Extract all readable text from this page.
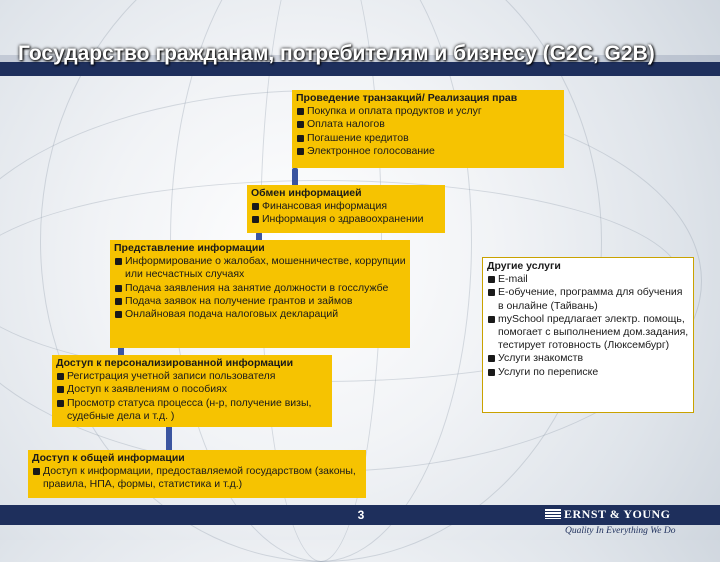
Государство гражданам, потребителям и бизнесу (G2C, G2B)
Проведение транзакций/ Реализация прав
Покупка и оплата продуктов и услуг
Оплата налогов
Погашение кредитов
Электронное голосование
Обмен информацией
Финансовая информация
Информация о здравоохранении
Представление информации
Информирование о жалобах, мошенничестве, коррупции или несчастных случаях
Подача заявления на занятие должности в госслужбе
Подача заявок на получение грантов и займов
Онлайновая подача налоговых деклараций
Доступ к персонализированной информации
Регистрация учетной записи пользователя
Доступ к заявлениям о пособиях
Просмотр статуса процесса (н-р, получение визы, судебные дела и т.д. )
Доступ к общей информации
Доступ к информации, предоставляемой государством (законы, правила, НПА, формы, статистика и т.д.)
Другие услуги
E-mail
E-обучение, программа для обучения в онлайне (Тайвань)
mySchool предлагает электр. помощь, помогает с выполнением дом.задания, тестирует готовность (Люксембург)
Услуги знакомств
Услуги по переписке
3	ERNST & YOUNG
Quality In Everything We Do
